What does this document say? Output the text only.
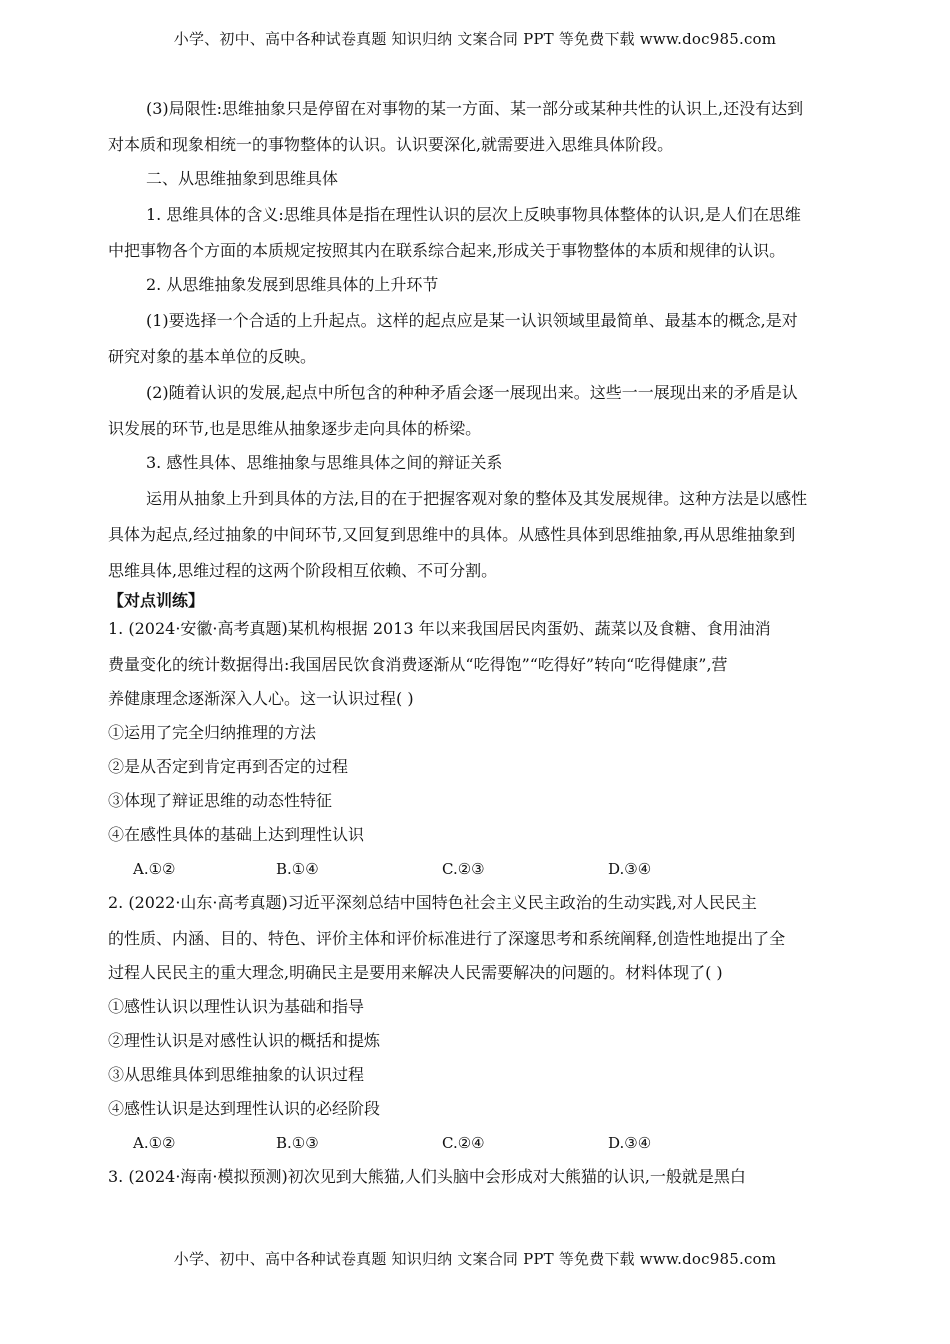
小学、初中、高中各种试卷真题 知识归纳 文案合同 PPT 等免费下载 www.doc985.com
(3)局限性:思维抽象只是停留在对事物的某一方面、某一部分或某种共性的认识上,还没有达到
对本质和现象相统一的事物整体的认识。认识要深化,就需要进入思维具体阶段。
二、从思维抽象到思维具体
1. 思维具体的含义:思维具体是指在理性认识的层次上反映事物具体整体的认识,是人们在思维
中把事物各个方面的本质规定按照其内在联系综合起来,形成关于事物整体的本质和规律的认识。
2. 从思维抽象发展到思维具体的上升环节
(1)要选择一个合适的上升起点。这样的起点应是某一认识领域里最简单、最基本的概念,是对
研究对象的基本单位的反映。
(2)随着认识的发展,起点中所包含的种种矛盾会逐一展现出来。这些一一展现出来的矛盾是认
识发展的环节,也是思维从抽象逐步走向具体的桥梁。
3. 感性具体、思维抽象与思维具体之间的辩证关系
运用从抽象上升到具体的方法,目的在于把握客观对象的整体及其发展规律。这种方法是以感性
具体为起点,经过抽象的中间环节,又回复到思维中的具体。从感性具体到思维抽象,再从思维抽象到
思维具体,思维过程的这两个阶段相互依赖、不可分割。
【对点训练】
1. (2024·安徽·高考真题)某机构根据 2013 年以来我国居民肉蛋奶、蔬菜以及食糖、食用油消
费量变化的统计数据得出:我国居民饮食消费逐渐从“吃得饱”“吃得好”转向“吃得健康”,营
养健康理念逐渐深入人心。这一认识过程( )
①运用了完全归纳推理的方法
②是从否定到肯定再到否定的过程
③体现了辩证思维的动态性特征
④在感性具体的基础上达到理性认识
A.①②	B.①④	C.②③	D.③④
2. (2022·山东·高考真题)习近平深刻总结中国特色社会主义民主政治的生动实践,对人民民主
的性质、内涵、目的、特色、评价主体和评价标准进行了深邃思考和系统阐释,创造性地提出了全
过程人民民主的重大理念,明确民主是要用来解决人民需要解决的问题的。材料体现了( )
①感性认识以理性认识为基础和指导
②理性认识是对感性认识的概括和提炼
③从思维具体到思维抽象的认识过程
④感性认识是达到理性认识的必经阶段
A.①②	B.①③	C.②④	D.③④
3. (2024·海南·模拟预测)初次见到大熊猫,人们头脑中会形成对大熊猫的认识,一般就是黑白
小学、初中、高中各种试卷真题 知识归纳 文案合同 PPT 等免费下载 www.doc985.com
